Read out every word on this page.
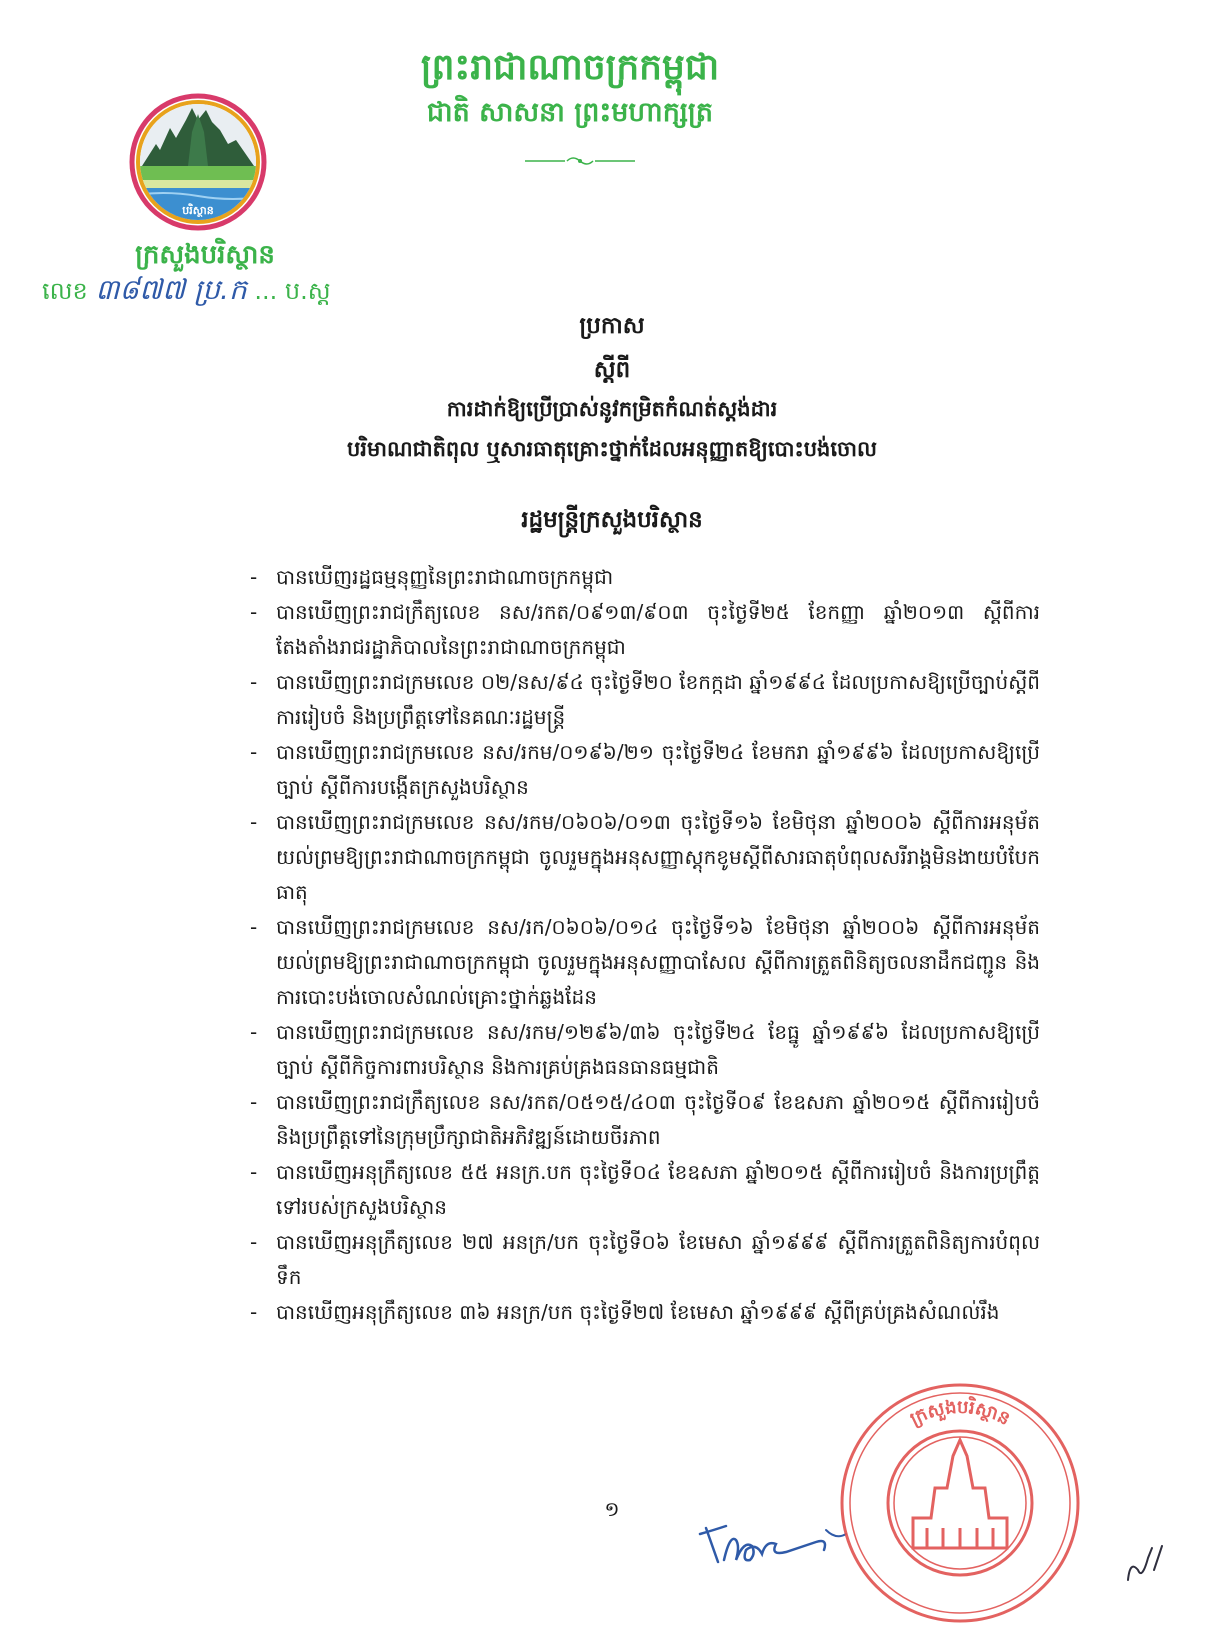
ព្រះរាជាណាចក្រកម្ពុជា
ជាតិ សាសនា ព្រះមហាក្សត្រ
បរិស្ថាន
ក្រសួងបរិស្ថាន
លេខ ៣៨៧៧ ប្រ.ក ... ប.ស្ត
ប្រកាស
ស្តីពី
ការដាក់ឱ្យប្រើប្រាស់នូវកម្រិតកំណត់ស្តង់ដារ
បរិមាណជាតិពុល ឬសារធាតុគ្រោះថ្នាក់ដែលអនុញ្ញាតឱ្យបោះបង់ចោល
រដ្ឋមន្ត្រីក្រសួងបរិស្ថាន
- បានឃើញរដ្ឋធម្មនុញ្ញនៃព្រះរាជាណាចក្រកម្ពុជា
- បានឃើញព្រះរាជក្រឹត្យលេខ នស/រកត/០៩១៣/៩០៣ ចុះថ្ងៃទី២៥ ខែកញ្ញា ឆ្នាំ២០១៣ ស្តីពីការតែងតាំងរាជរដ្ឋាភិបាលនៃព្រះរាជាណាចក្រកម្ពុជា
- បានឃើញព្រះរាជក្រមលេខ ០២/នស/៩៤ ចុះថ្ងៃទី២០ ខែកក្កដា ឆ្នាំ១៩៩៤ ដែលប្រកាសឱ្យប្រើច្បាប់ស្តីពីការរៀបចំ និងប្រព្រឹត្តទៅនៃគណៈរដ្ឋមន្ត្រី
- បានឃើញព្រះរាជក្រមលេខ នស/រកម/០១៩៦/២១ ចុះថ្ងៃទី២៤ ខែមករា ឆ្នាំ១៩៩៦ ដែលប្រកាសឱ្យប្រើច្បាប់ ស្តីពីការបង្កើតក្រសួងបរិស្ថាន
- បានឃើញព្រះរាជក្រមលេខ នស/រកម/០៦០៦/០១៣ ចុះថ្ងៃទី១៦ ខែមិថុនា ឆ្នាំ២០០៦ ស្តីពីការអនុម័តយល់ព្រមឱ្យព្រះរាជាណាចក្រកម្ពុជា ចូលរួមក្នុងអនុសញ្ញាស្តុកខូមស្តីពីសារធាតុបំពុលសរីរាង្គមិនងាយបំបែកធាតុ
- បានឃើញព្រះរាជក្រមលេខ នស/រក/០៦០៦/០១៤ ចុះថ្ងៃទី១៦ ខែមិថុនា ឆ្នាំ២០០៦ ស្តីពីការអនុម័តយល់ព្រមឱ្យព្រះរាជាណាចក្រកម្ពុជា ចូលរួមក្នុងអនុសញ្ញាបាសែល ស្តីពីការត្រួតពិនិត្យចលនាដឹកជញ្ជូន និងការបោះបង់ចោលសំណល់គ្រោះថ្នាក់ឆ្លងដែន
- បានឃើញព្រះរាជក្រមលេខ នស/រកម/១២៩៦/៣៦ ចុះថ្ងៃទី២៤ ខែធ្នូ ឆ្នាំ១៩៩៦ ដែលប្រកាសឱ្យប្រើច្បាប់ ស្តីពីកិច្ចការពារបរិស្ថាន និងការគ្រប់គ្រងធនធានធម្មជាតិ
- បានឃើញព្រះរាជក្រឹត្យលេខ នស/រកត/០៥១៥/៤០៣ ចុះថ្ងៃទី០៩ ខែឧសភា ឆ្នាំ២០១៥ ស្តីពីការរៀបចំ និងប្រព្រឹត្តទៅនៃក្រុមប្រឹក្សាជាតិអភិវឌ្ឍន៍ដោយចីរភាព
- បានឃើញអនុក្រឹត្យលេខ ៥៥ អនក្រ.បក ចុះថ្ងៃទី០៤ ខែឧសភា ឆ្នាំ២០១៥ ស្តីពីការរៀបចំ និងការប្រព្រឹត្តទៅរបស់ក្រសួងបរិស្ថាន
- បានឃើញអនុក្រឹត្យលេខ ២៧ អនក្រ/បក ចុះថ្ងៃទី០៦ ខែមេសា ឆ្នាំ១៩៩៩ ស្តីពីការត្រួតពិនិត្យការបំពុលទឹក
- បានឃើញអនុក្រឹត្យលេខ ៣៦ អនក្រ/បក ចុះថ្ងៃទី២៧ ខែមេសា ឆ្នាំ១៩៩៩ ស្តីពីគ្រប់គ្រងសំណល់រឹង
១
ក្រសួងបរិស្ថាន
